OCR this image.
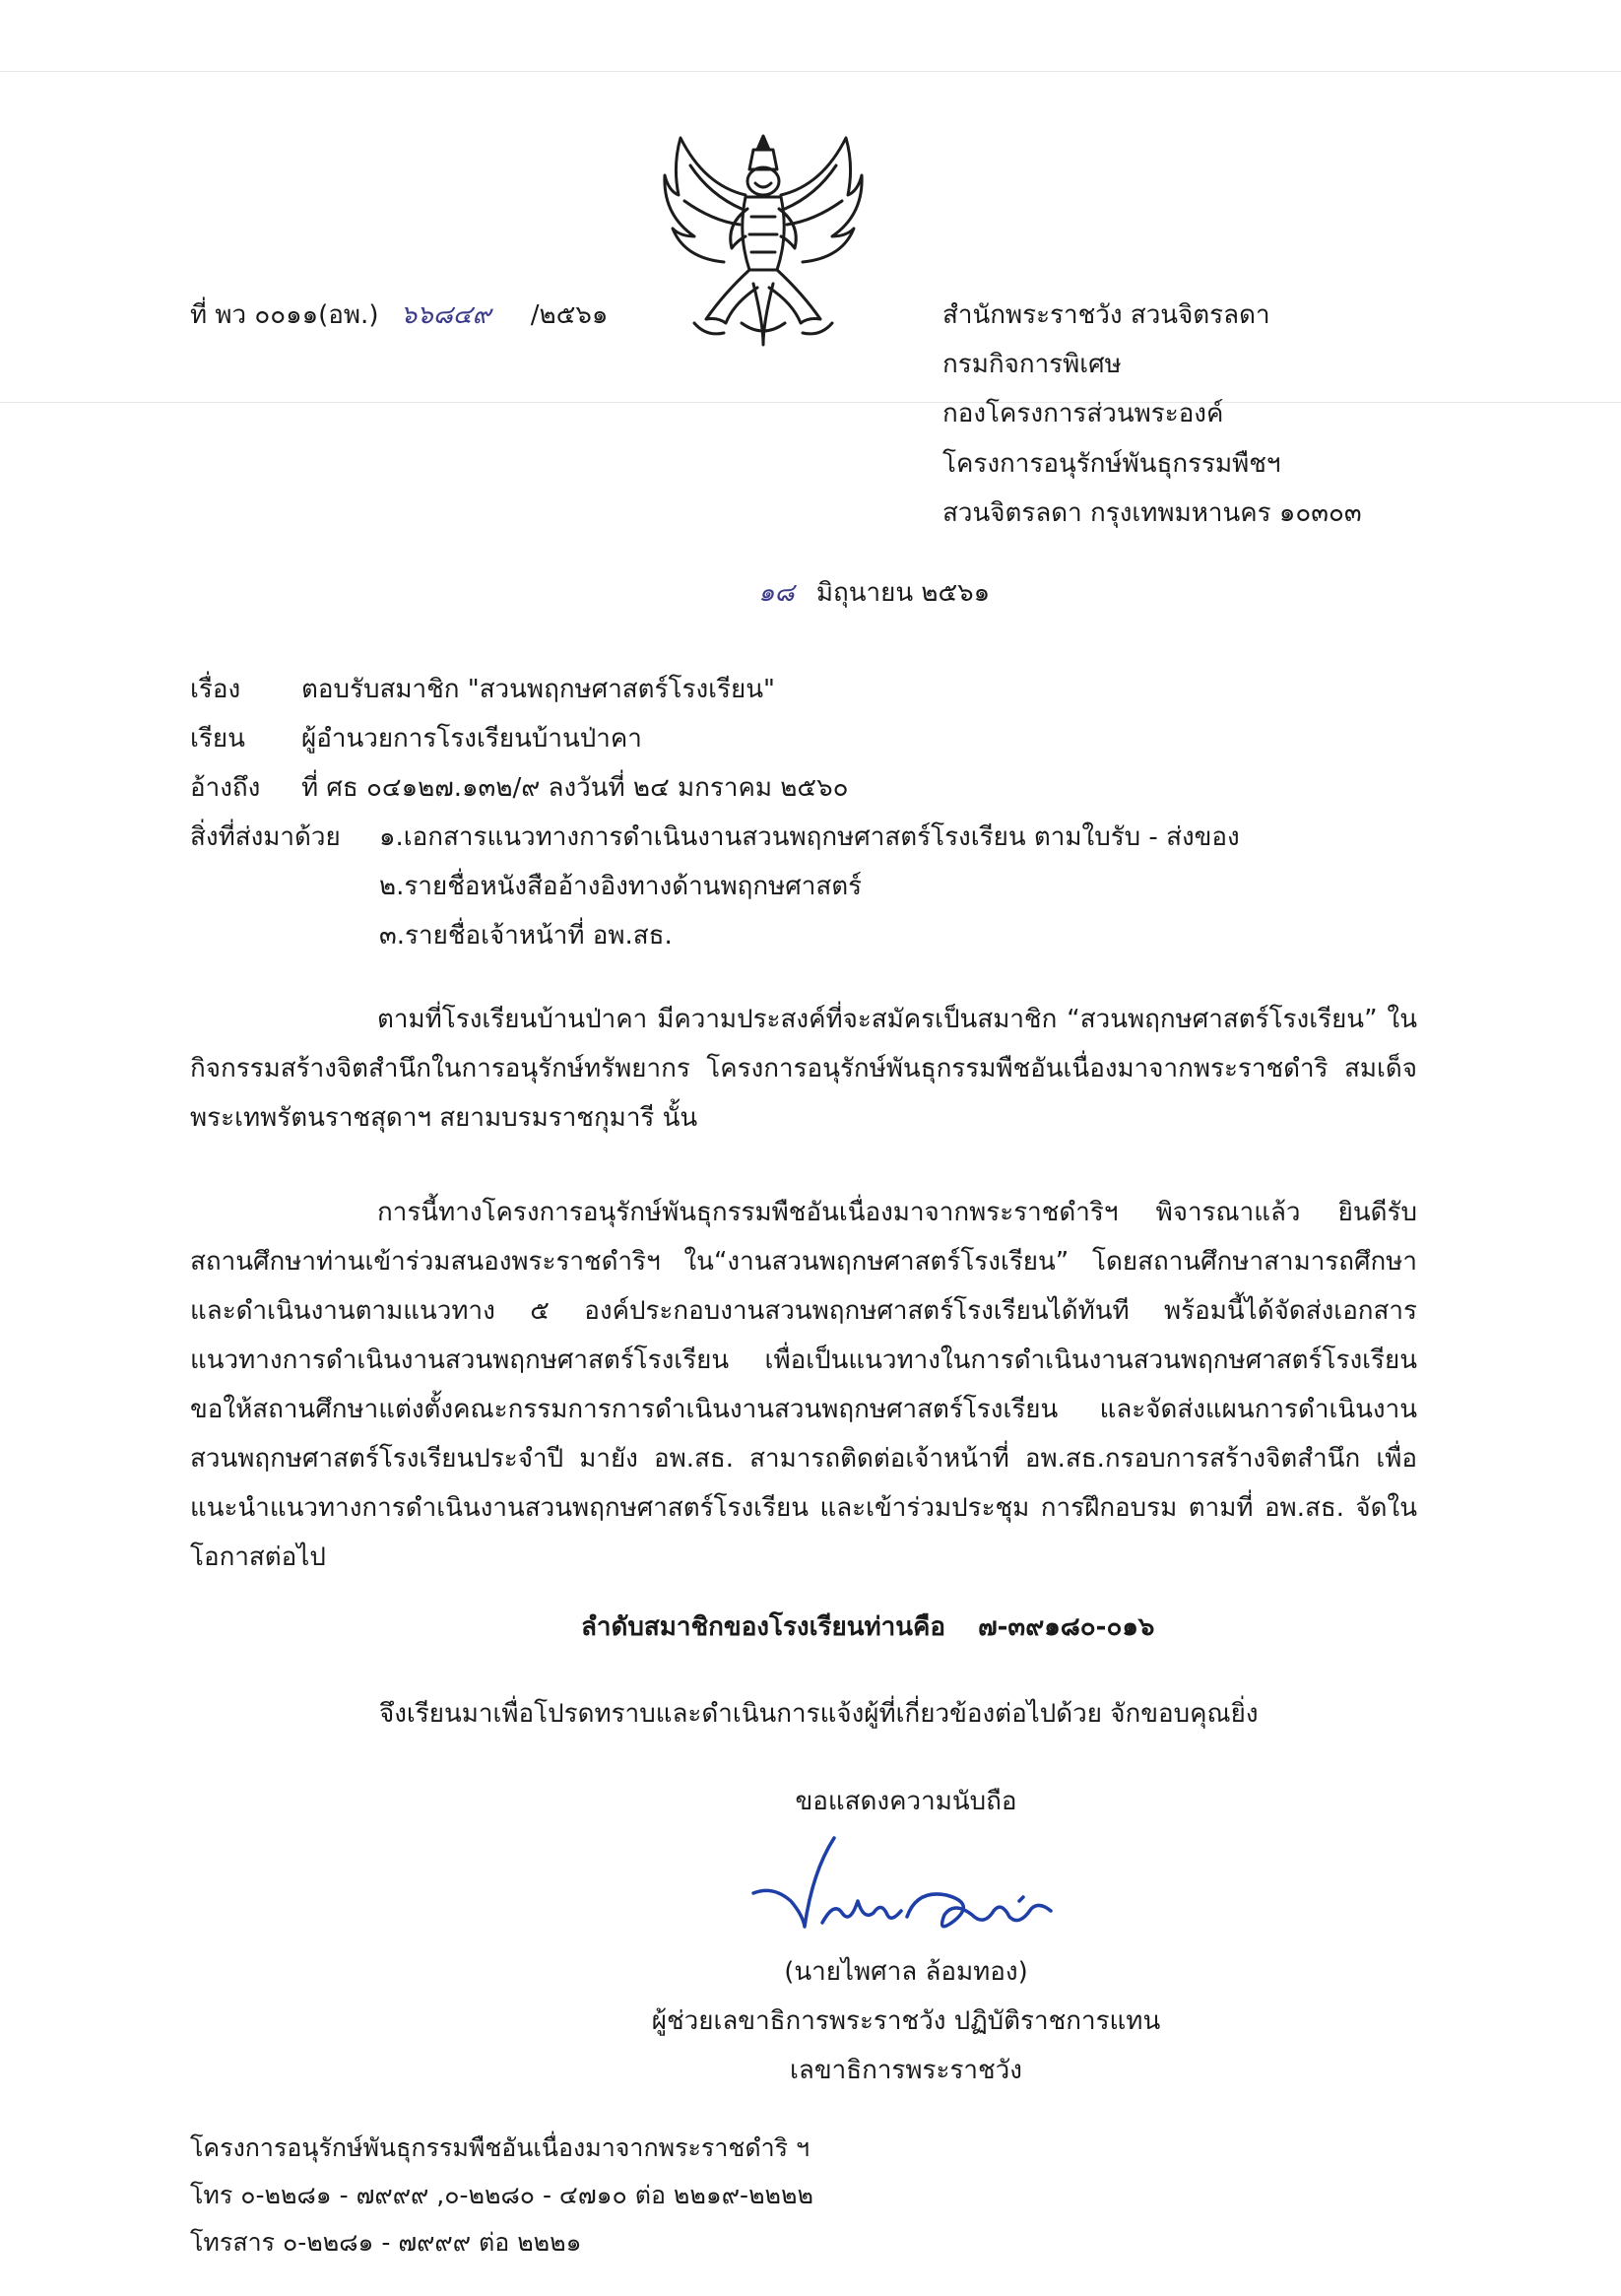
ที่ พว ๐๐๑๑(อพ.) ๖๖๘๔๙ /๒๕๖๑	สำนักพระราชวัง สวนจิตรลดา
กรมกิจการพิเศษ
กองโครงการส่วนพระองค์
โครงการอนุรักษ์พันธุกรรมพืชฯ
สวนจิตรลดา กรุงเทพมหานคร ๑๐๓๐๓
๑๘ มิถุนายน ๒๕๖๑
เรื่อง ตอบรับสมาชิก "สวนพฤกษศาสตร์โรงเรียน"
เรียน ผู้อำนวยการโรงเรียนบ้านป่าคา
อ้างถึง ที่ ศธ ๐๔๑๒๗.๑๓๒/๙ ลงวันที่ ๒๔ มกราคม ๒๕๖๐
สิ่งที่ส่งมาด้วย ๑.เอกสารแนวทางการดำเนินงานสวนพฤกษศาสตร์โรงเรียน ตามใบรับ - ส่งของ
๒.รายชื่อหนังสืออ้างอิงทางด้านพฤกษศาสตร์
๓.รายชื่อเจ้าหน้าที่ อพ.สธ.
ตามที่โรงเรียนบ้านป่าคา มีความประสงค์ที่จะสมัครเป็นสมาชิก “สวนพฤกษศาสตร์โรงเรียน” ในกิจกรรมสร้างจิตสำนึกในการอนุรักษ์ทรัพยากร โครงการอนุรักษ์พันธุกรรมพืชอันเนื่องมาจากพระราชดำริ สมเด็จพระเทพรัตนราชสุดาฯ สยามบรมราชกุมารี นั้น
การนี้ทางโครงการอนุรักษ์พันธุกรรมพืชอันเนื่องมาจากพระราชดำริฯ พิจารณาแล้ว ยินดีรับสถานศึกษาท่านเข้าร่วมสนองพระราชดำริฯ ใน“งานสวนพฤกษศาสตร์โรงเรียน” โดยสถานศึกษาสามารถศึกษาและดำเนินงานตามแนวทาง ๕ องค์ประกอบงานสวนพฤกษศาสตร์โรงเรียนได้ทันที พร้อมนี้ได้จัดส่งเอกสารแนวทางการดำเนินงานสวนพฤกษศาสตร์โรงเรียน เพื่อเป็นแนวทางในการดำเนินงานสวนพฤกษศาสตร์โรงเรียน ขอให้สถานศึกษาแต่งตั้งคณะกรรมการการดำเนินงานสวนพฤกษศาสตร์โรงเรียน และจัดส่งแผนการดำเนินงานสวนพฤกษศาสตร์โรงเรียนประจำปี มายัง อพ.สธ. สามารถติดต่อเจ้าหน้าที่ อพ.สธ.กรอบการสร้างจิตสำนึก เพื่อแนะนำแนวทางการดำเนินงานสวนพฤกษศาสตร์โรงเรียน และเข้าร่วมประชุม การฝึกอบรม ตามที่ อพ.สธ. จัดในโอกาสต่อไป
ลำดับสมาชิกของโรงเรียนท่านคือ ๗-๓๙๑๘๐-๐๑๖
จึงเรียนมาเพื่อโปรดทราบและดำเนินการแจ้งผู้ที่เกี่ยวข้องต่อไปด้วย จักขอบคุณยิ่ง
ขอแสดงความนับถือ
(นายไพศาล ล้อมทอง)
ผู้ช่วยเลขาธิการพระราชวัง ปฏิบัติราชการแทน
เลขาธิการพระราชวัง
โครงการอนุรักษ์พันธุกรรมพืชอันเนื่องมาจากพระราชดำริ ฯ
โทร ๐-๒๒๘๑ - ๗๙๙๙ ,๐-๒๒๘๐ - ๔๗๑๐ ต่อ ๒๒๑๙-๒๒๒๒
โทรสาร ๐-๒๒๘๑ - ๗๙๙๙ ต่อ ๒๒๒๑
